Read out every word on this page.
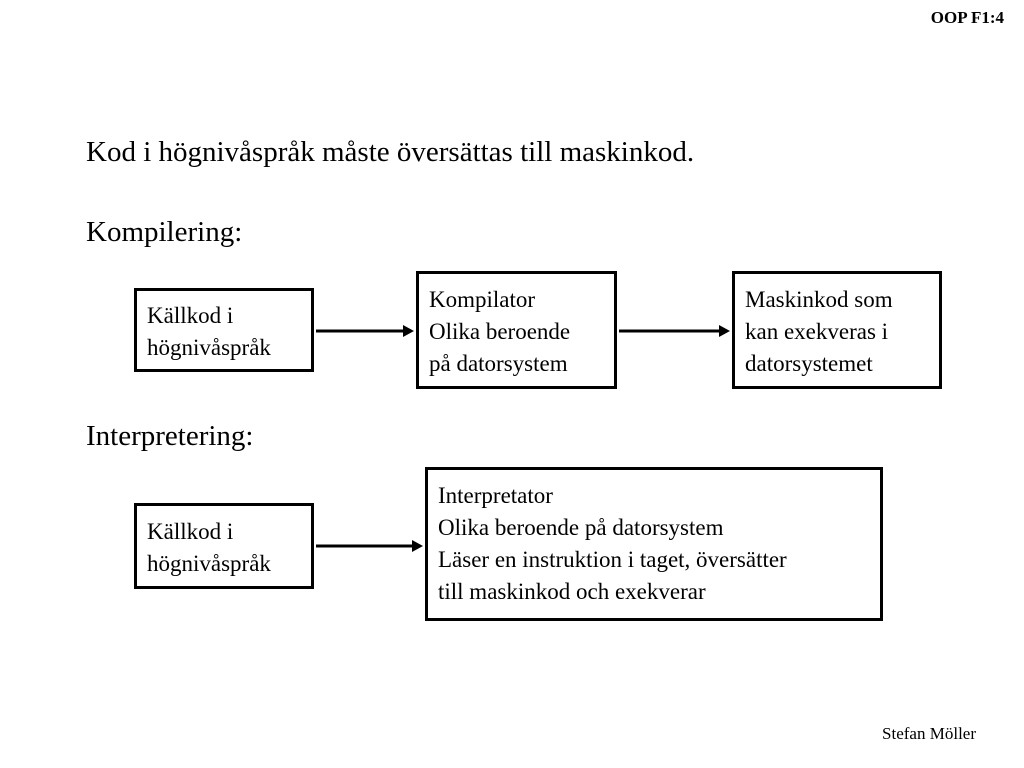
OOP F1:4
Kod i högnivåspråk måste översättas till maskinkod.
Kompilering:
Källkod i
högnivåspråk
Kompilator
Olika beroende
på datorsystem
Maskinkod som
kan exekveras i
datorsystemet
Interpretering:
Källkod i
högnivåspråk
Interpretator
Olika beroende på datorsystem
Läser en instruktion i taget, översätter
till maskinkod och exekverar
Stefan Möller
